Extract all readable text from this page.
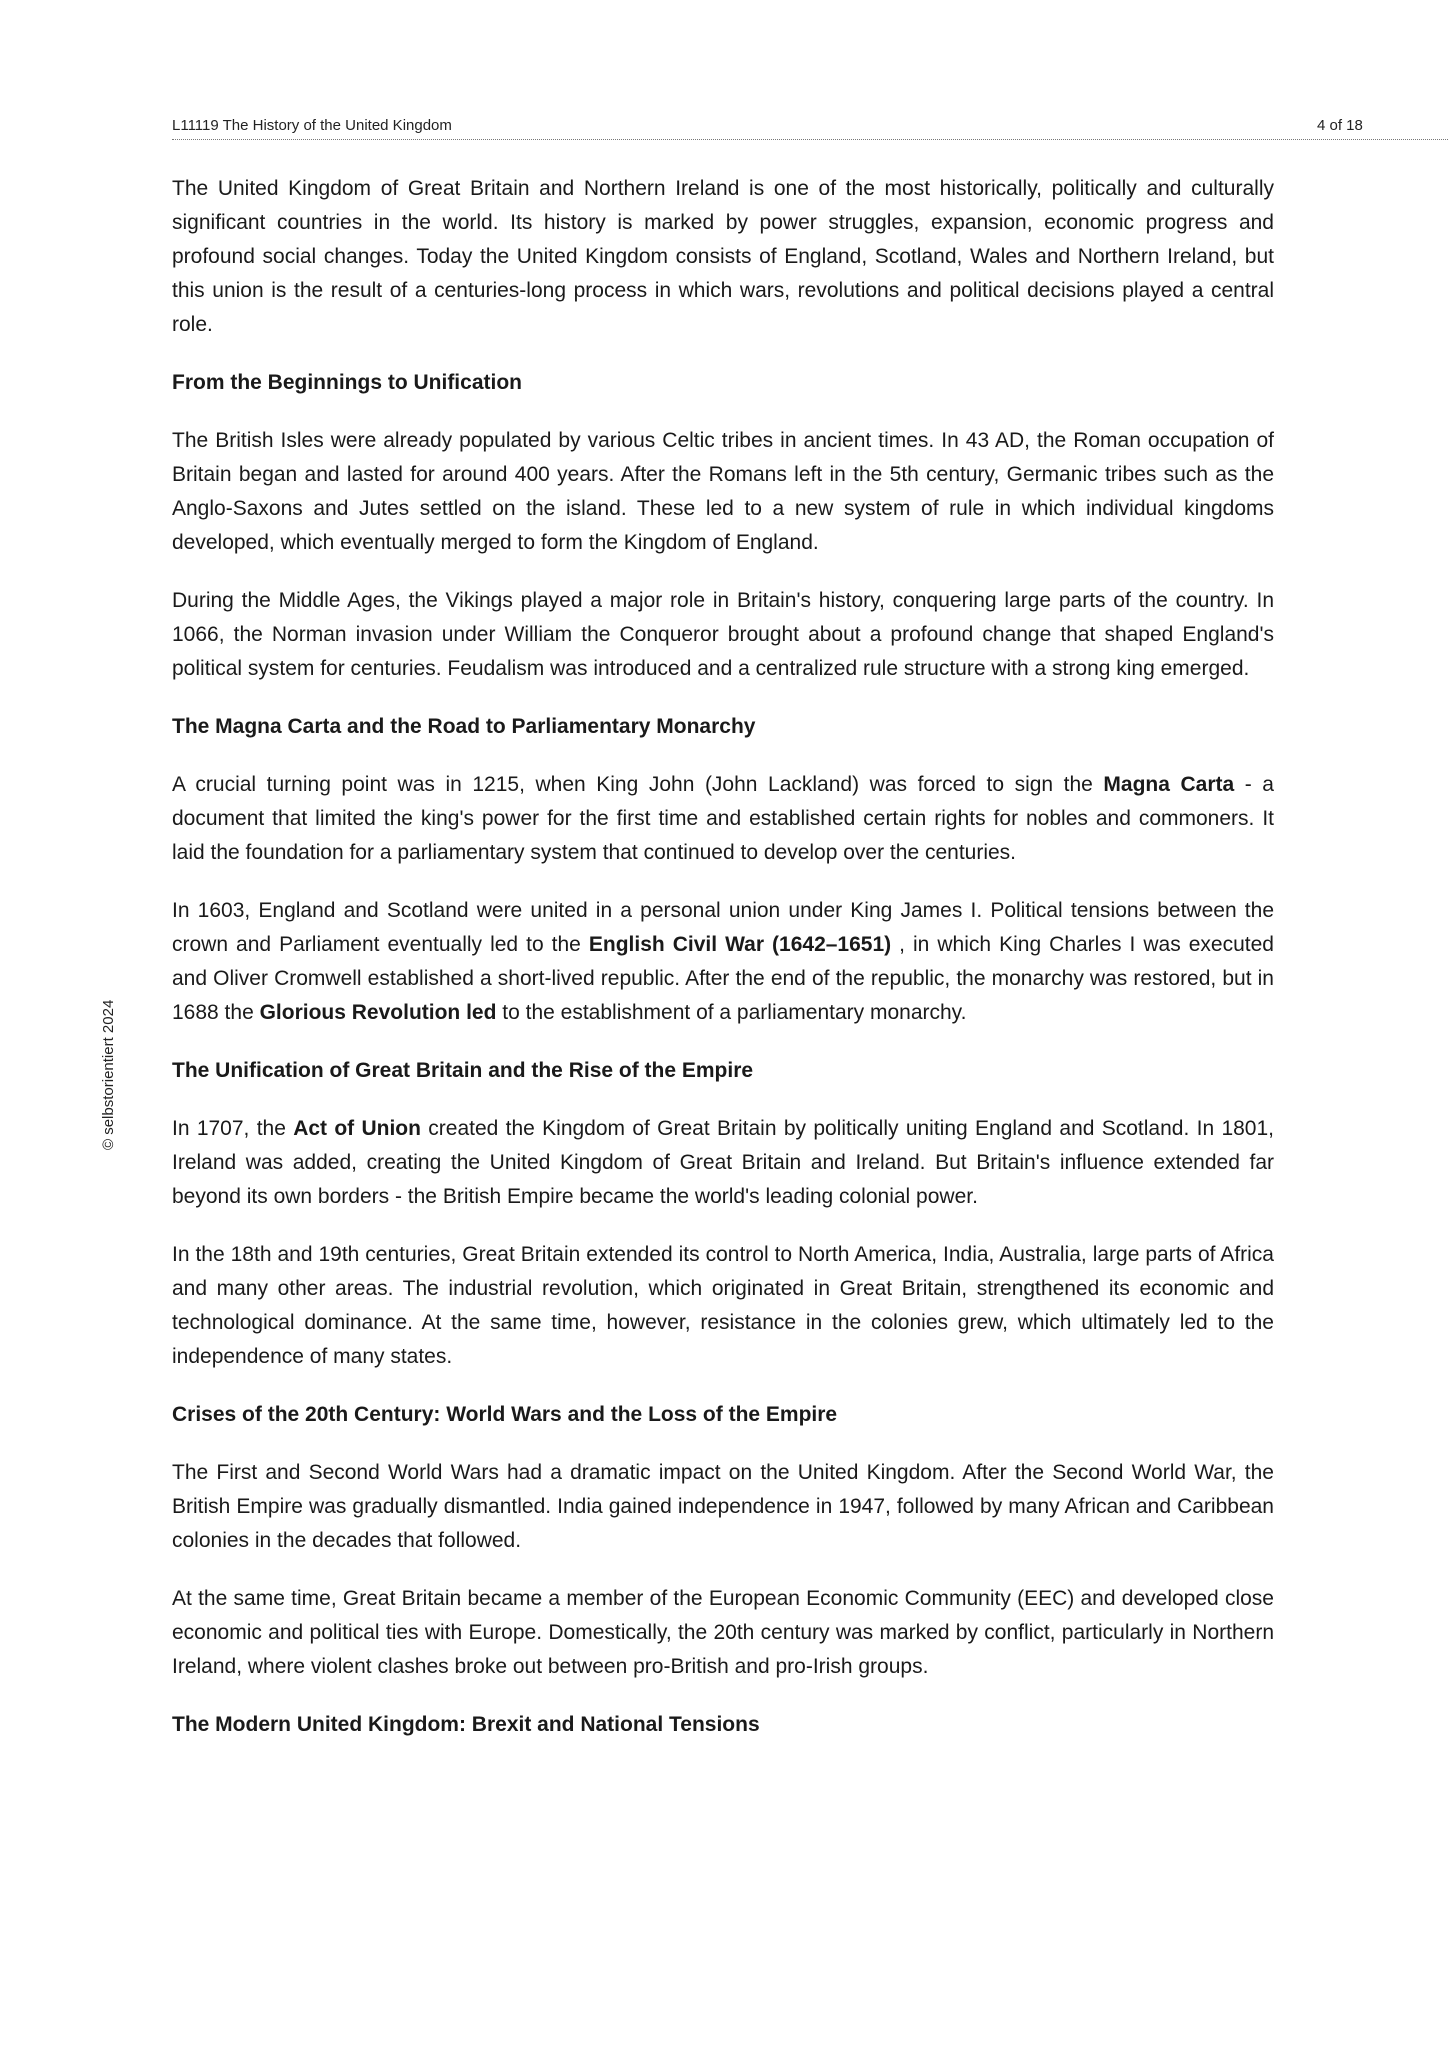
L11119 The History of the United Kingdom	4 of 18
© selbstorientiert 2024

The United Kingdom of Great Britain and Northern Ireland is one of the most historically, politically and culturally significant countries in the world. Its history is marked by power struggles, expansion, economic progress and profound social changes. Today the United Kingdom consists of England, Scotland, Wales and Northern Ireland, but this union is the result of a centuries-long process in which wars, revolutions and political decisions played a central role.

From the Beginnings to Unification

The British Isles were already populated by various Celtic tribes in ancient times. In 43 AD, the Roman occupation of Britain began and lasted for around 400 years. After the Romans left in the 5th century, Germanic tribes such as the Anglo-Saxons and Jutes settled on the island. These led to a new system of rule in which individual kingdoms developed, which eventually merged to form the Kingdom of England.

During the Middle Ages, the Vikings played a major role in Britain's history, conquering large parts of the country. In 1066, the Norman invasion under William the Conqueror brought about a profound change that shaped England's political system for centuries. Feudalism was introduced and a centralized rule structure with a strong king emerged.

The Magna Carta and the Road to Parliamentary Monarchy

A crucial turning point was in 1215, when King John (John Lackland) was forced to sign the Magna Carta - a document that limited the king's power for the first time and established certain rights for nobles and commoners. It laid the foundation for a parliamentary system that continued to develop over the centuries.

In 1603, England and Scotland were united in a personal union under King James I. Political tensions between the crown and Parliament eventually led to the English Civil War (1642–1651) , in which King Charles I was executed and Oliver Cromwell established a short-lived republic. After the end of the republic, the monarchy was restored, but in 1688 the Glorious Revolution led to the establishment of a parliamentary monarchy.

The Unification of Great Britain and the Rise of the Empire

In 1707, the Act of Union created the Kingdom of Great Britain by politically uniting England and Scotland. In 1801, Ireland was added, creating the United Kingdom of Great Britain and Ireland. But Britain's influence extended far beyond its own borders - the British Empire became the world's leading colonial power.

In the 18th and 19th centuries, Great Britain extended its control to North America, India, Australia, large parts of Africa and many other areas. The industrial revolution, which originated in Great Britain, strengthened its economic and technological dominance. At the same time, however, resistance in the colonies grew, which ultimately led to the independence of many states.

Crises of the 20th Century: World Wars and the Loss of the Empire

The First and Second World Wars had a dramatic impact on the United Kingdom. After the Second World War, the British Empire was gradually dismantled. India gained independence in 1947, followed by many African and Caribbean colonies in the decades that followed.

At the same time, Great Britain became a member of the European Economic Community (EEC) and developed close economic and political ties with Europe. Domestically, the 20th century was marked by conflict, particularly in Northern Ireland, where violent clashes broke out between pro-British and pro-Irish groups.

The Modern United Kingdom: Brexit and National Tensions
